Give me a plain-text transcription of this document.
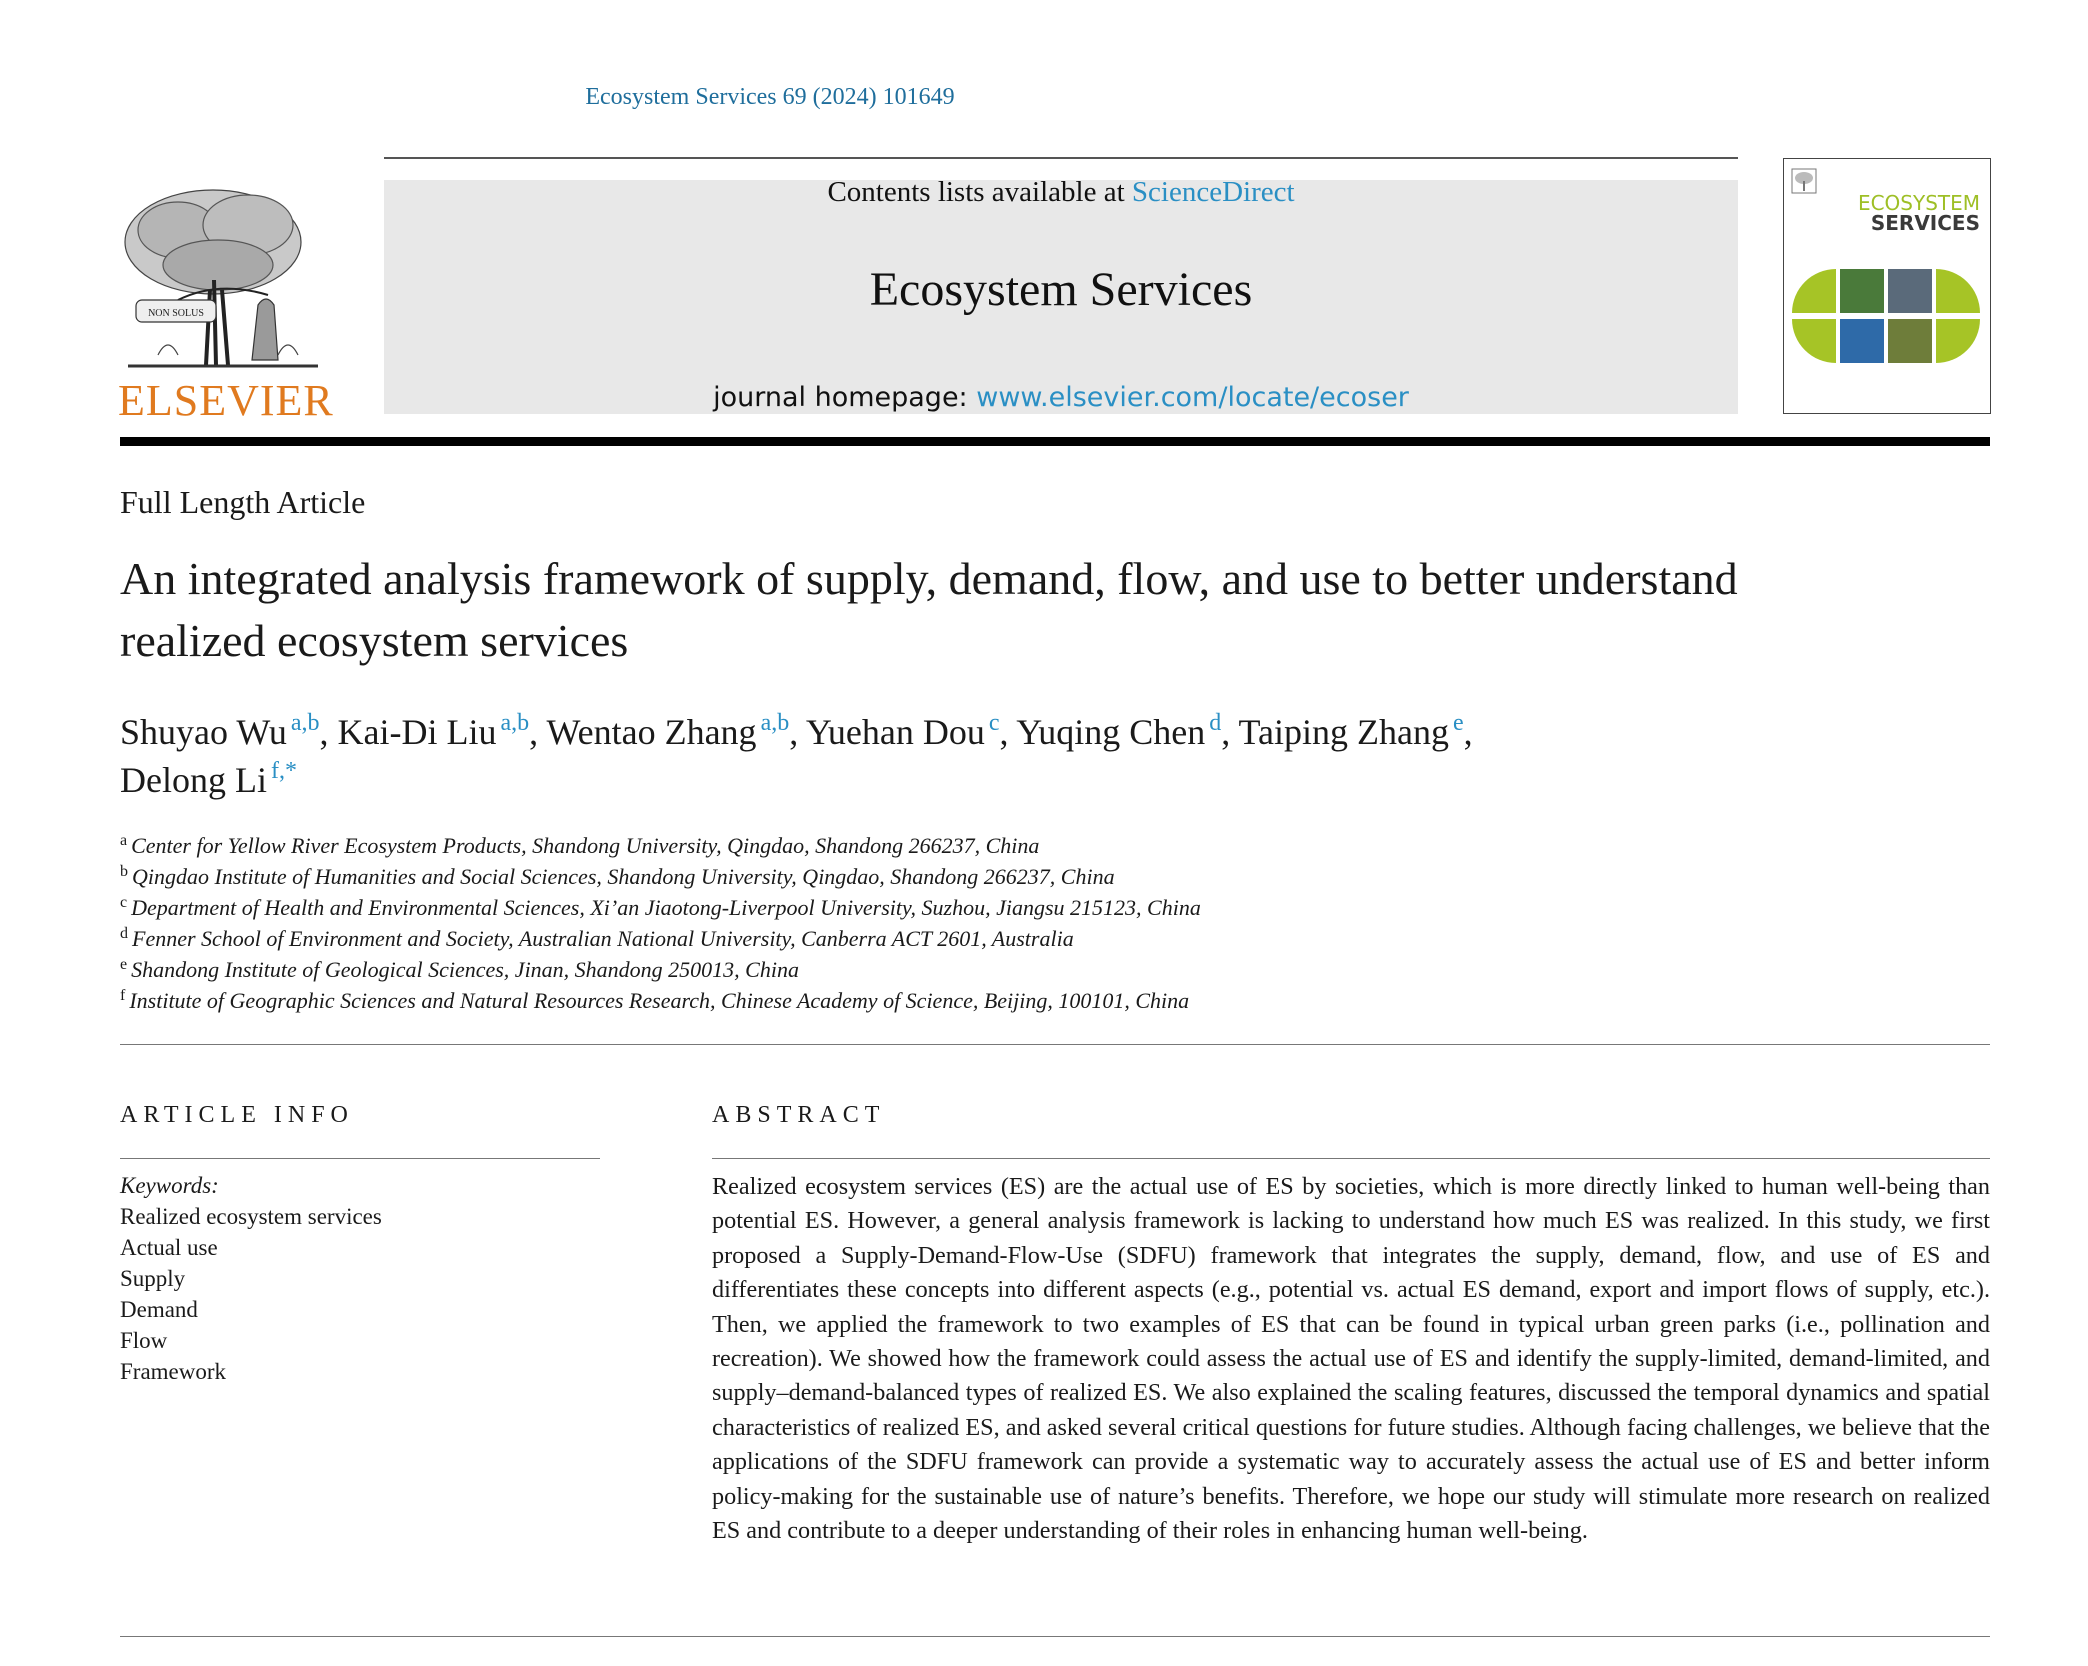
Ecosystem Services 69 (2024) 101649
NON SOLUS
ELSEVIER
Contents lists available at ScienceDirect
Ecosystem Services
journal homepage: www.elsevier.com/locate/ecoser
ECOSYSTEM
SERVICES
Full Length Article
An integrated analysis framework of supply, demand, flow, and use to better understand realized ecosystem services
Shuyao Wu $^{a,b}$, Kai-Di Liu $^{a,b}$, Wentao Zhang $^{a,b}$, Yuehan Dou $^c$, Yuqing Chen $^d$, Taiping Zhang $^e$,
Delong Li $^{f,*}$
$^a$ Center for Yellow River Ecosystem Products, Shandong University, Qingdao, Shandong 266237, China
$^b$ Qingdao Institute of Humanities and Social Sciences, Shandong University, Qingdao, Shandong 266237, China
$^c$ Department of Health and Environmental Sciences, Xi’an Jiaotong-Liverpool University, Suzhou, Jiangsu 215123, China
$^d$ Fenner School of Environment and Society, Australian National University, Canberra ACT 2601, Australia
$^e$ Shandong Institute of Geological Sciences, Jinan, Shandong 250013, China
$^f$ Institute of Geographic Sciences and Natural Resources Research, Chinese Academy of Science, Beijing, 100101, China
ARTICLE INFO
Keywords:
Realized ecosystem services
Actual use
Supply
Demand
Flow
Framework
ABSTRACT

Realized ecosystem services (ES) are the actual use of ES by societies, which is more directly linked to human well-being than potential ES. However, a general analysis framework is lacking to understand how much ES was realized. In this study, we first proposed a Supply-Demand-Flow-Use (SDFU) framework that integrates the supply, demand, flow, and use of ES and differentiates these concepts into different aspects (e.g., potential vs. actual ES demand, export and import flows of supply, etc.). Then, we applied the framework to two examples of ES that can be found in typical urban green parks (i.e., pollination and recreation). We showed how the framework could assess the actual use of ES and identify the supply-limited, demand-limited, and supply–demand-balanced types of realized ES. We also explained the scaling features, discussed the temporal dynamics and spatial characteristics of realized ES, and asked several critical questions for future studies. Although facing challenges, we believe that the applications of the SDFU framework can provide a systematic way to accurately assess the actual use of ES and better inform policy-making for the sustainable use of nature’s benefits. Therefore, we hope our study will stimulate more research on realized ES and contribute to a deeper understanding of their roles in enhancing human well-being.
